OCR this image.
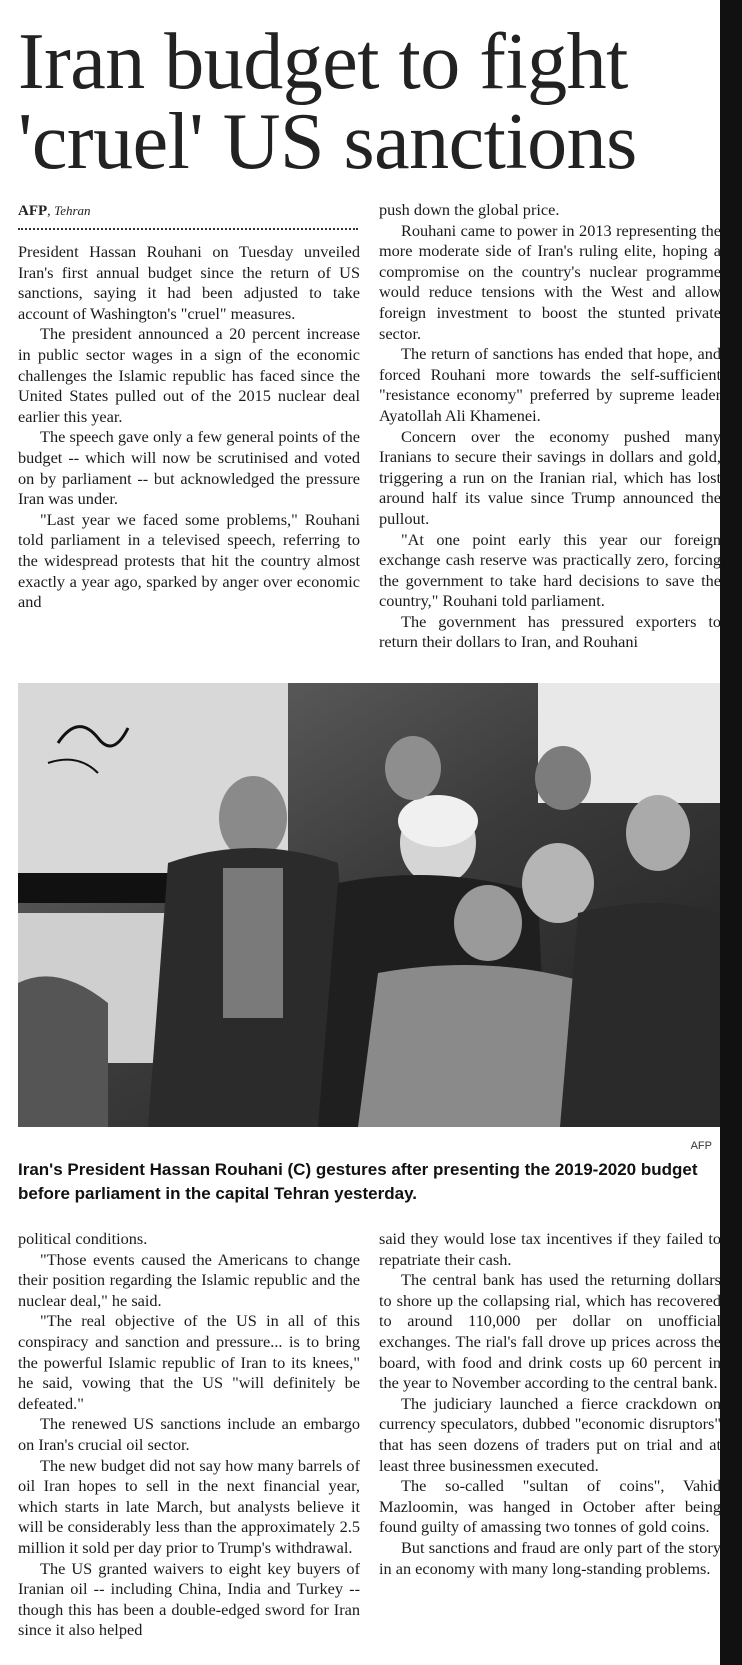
Iran budget to fight
'cruel' US sanctions
AFP, Tehran

President Hassan Rouhani on Tuesday unveiled Iran's first annual budget since the return of US sanctions, saying it had been adjusted to take account of Washington's "cruel" measures.

The president announced a 20 percent increase in public sector wages in a sign of the economic challenges the Islamic republic has faced since the United States pulled out of the 2015 nuclear deal earlier this year.

The speech gave only a few general points of the budget -- which will now be scrutinised and voted on by parliament -- but acknowledged the pressure Iran was under.

"Last year we faced some problems," Rouhani told parliament in a televised speech, referring to the widespread protests that hit the country almost exactly a year ago, sparked by anger over economic and

push down the global price.

Rouhani came to power in 2013 representing the more moderate side of Iran's ruling elite, hoping a compromise on the country's nuclear programme would reduce tensions with the West and allow foreign investment to boost the stunted private sector.

The return of sanctions has ended that hope, and forced Rouhani more towards the self-sufficient "resistance economy" preferred by supreme leader Ayatollah Ali Khamenei.

Concern over the economy pushed many Iranians to secure their savings in dollars and gold, triggering a run on the Iranian rial, which has lost around half its value since Trump announced the pullout.

"At one point early this year our foreign exchange cash reserve was practically zero, forcing the government to take hard decisions to save the country," Rouhani told parliament.

The government has pressured exporters to return their dollars to Iran, and Rouhani

AFP
Iran's President Hassan Rouhani (C) gestures after presenting the 2019-2020 budget before parliament in the capital Tehran yesterday.

political conditions.

"Those events caused the Americans to change their position regarding the Islamic republic and the nuclear deal," he said.

"The real objective of the US in all of this conspiracy and sanction and pressure... is to bring the powerful Islamic republic of Iran to its knees," he said, vowing that the US "will definitely be defeated."

The renewed US sanctions include an embargo on Iran's crucial oil sector.

The new budget did not say how many barrels of oil Iran hopes to sell in the next financial year, which starts in late March, but analysts believe it will be considerably less than the approximately 2.5 million it sold per day prior to Trump's withdrawal.

The US granted waivers to eight key buyers of Iranian oil -- including China, India and Turkey -- though this has been a double-edged sword for Iran since it also helped

said they would lose tax incentives if they failed to repatriate their cash.

The central bank has used the returning dollars to shore up the collapsing rial, which has recovered to around 110,000 per dollar on unofficial exchanges. The rial's fall drove up prices across the board, with food and drink costs up 60 percent in the year to November according to the central bank.

The judiciary launched a fierce crackdown on currency speculators, dubbed "economic disruptors" that has seen dozens of traders put on trial and at least three businessmen executed.

The so-called "sultan of coins", Vahid Mazloomin, was hanged in October after being found guilty of amassing two tonnes of gold coins.

But sanctions and fraud are only part of the story in an economy with many long-standing problems.
